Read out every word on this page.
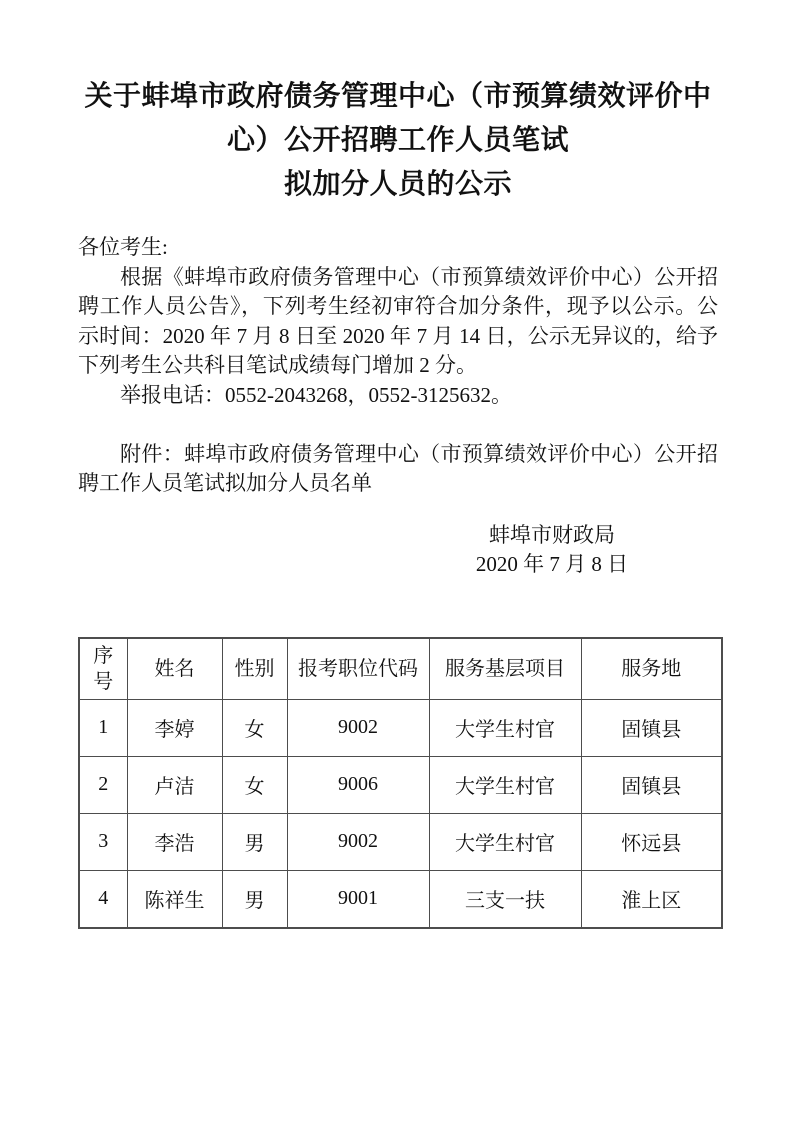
关于蚌埠市政府债务管理中心（市预算绩效评价中
心）公开招聘工作人员笔试
拟加分人员的公示

各位考生:

根据《蚌埠市政府债务管理中心（市预算绩效评价中心）公开招聘工作人员公告》，下列考生经初审符合加分条件，现予以公示。公示时间：2020 年 7 月 8 日至 2020 年 7 月 14 日，公示无异议的，给予下列考生公共科目笔试成绩每门增加 2 分。

举报电话：0552-2043268，0552-3125632。

附件：蚌埠市政府债务管理中心（市预算绩效评价中心）公开招聘工作人员笔试拟加分人员名单

蚌埠市财政局
2020 年 7 月 8 日
序号	姓名	性别	报考职位代码	服务基层项目	服务地
1	李婷	女	9002	大学生村官	固镇县
2	卢洁	女	9006	大学生村官	固镇县
3	李浩	男	9002	大学生村官	怀远县
4	陈祥生	男	9001	三支一扶	淮上区
